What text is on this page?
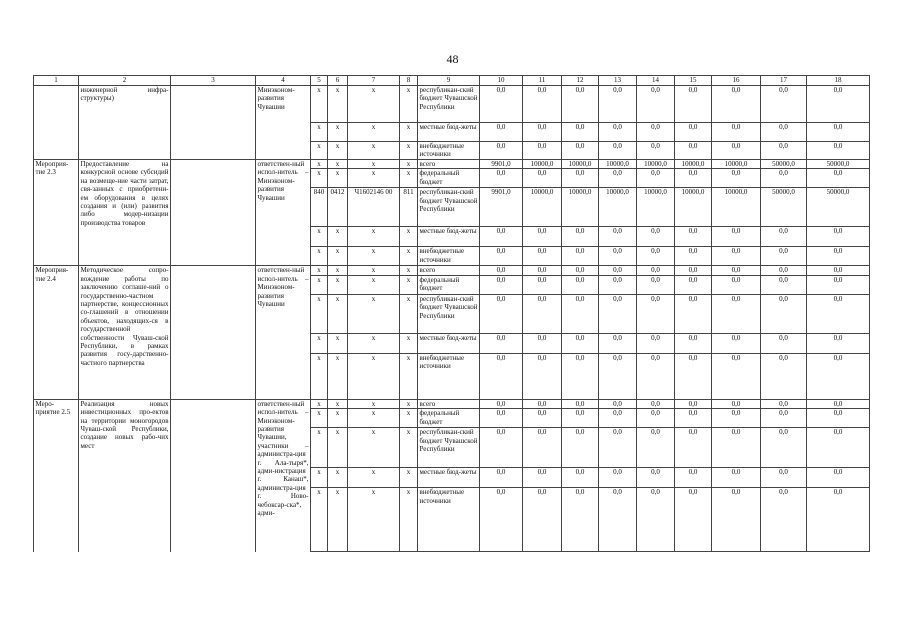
48
1	2	3	4	5	6	7	8	9	10	11	12	13	14	15	16	17	18
	инженерной инфра-структуры)		Минэконом-развития Чувашии	x	x	x	x	республикан-ский бюджет Чувашской Республики	0,0	0,0	0,0	0,0	0,0	0,0	0,0	0,0	0,0
				x	x	x	x	местные бюд-жеты	0,0	0,0	0,0	0,0	0,0	0,0	0,0	0,0	0,0
				x	x	x	x	внебюджетные источники	0,0	0,0	0,0	0,0	0,0	0,0	0,0	0,0	0,0
Мероприя-тие 2.3	Предоставление на конкурсной основе субсидий на возмеще-ние части затрат, свя-занных с приобретени-ем оборудования в целях создания и (или) развития либо модер-низации производства товаров		ответствен-ный испол-нитель – Минэконом-развития Чувашии	x	x	x	x	всего	9901,0	10000,0	10000,0	10000,0	10000,0	10000,0	10000,0	50000,0	50000,0
				x	x	x	x	федеральный бюджет	0,0	0,0	0,0	0,0	0,0	0,0	0,0	0,0	0,0
				840	0412	Ч1602146 00	811	республикан-ский бюджет Чувашской Республики	9901,0	10000,0	10000,0	10000,0	10000,0	10000,0	10000,0	50000,0	50000,0
				x	x	x	x	местные бюд-жеты	0,0	0,0	0,0	0,0	0,0	0,0	0,0	0,0	0,0
				x	x	x	x	внебюджетные источники	0,0	0,0	0,0	0,0	0,0	0,0	0,0	0,0	0,0
Мероприя-тие 2.4	Методическое сопро-вождение работы по заключению соглаше-ний о государственно-частном партнерстве, концессионных со-глашений в отношении объектов, находящих-ся в государственной собственности Чуваш-ской Республики, в рамках развития госу-дарственно-частного партнерства		ответствен-ный испол-нитель – Минэконом-развития Чувашии	x	x	x	x	всего	0,0	0,0	0,0	0,0	0,0	0,0	0,0	0,0	0,0
				x	x	x	x	федеральный бюджет	0,0	0,0	0,0	0,0	0,0	0,0	0,0	0,0	0,0
				x	x	x	x	республикан-ский бюджет Чувашской Республики	0,0	0,0	0,0	0,0	0,0	0,0	0,0	0,0	0,0
				x	x	x	x	местные бюд-жеты	0,0	0,0	0,0	0,0	0,0	0,0	0,0	0,0	0,0
				x	x	x	x	внебюджетные источники	0,0	0,0	0,0	0,0	0,0	0,0	0,0	0,0	0,0
Меро-приятие 2.5	Реализация новых инвестиционных про-ектов на территории моногородов Чуваш-ской Республики, создание новых рабо-чих мест		ответствен-ный испол-нитель – Минэконом-развития Чувашии, участники – администра-ция г. Ала-тыря*, адми-нистрация г. Канаш*, администра-ция г. Ново-чебоксар-ска*, адми-	x	x	x	x	всего	0,0	0,0	0,0	0,0	0,0	0,0	0,0	0,0	0,0
				x	x	x	x	федеральный бюджет	0,0	0,0	0,0	0,0	0,0	0,0	0,0	0,0	0,0
				x	x	x	x	республикан-ский бюджет Чувашской Республики	0,0	0,0	0,0	0,0	0,0	0,0	0,0	0,0	0,0
				x	x	x	x	местные бюд-жеты	0,0	0,0	0,0	0,0	0,0	0,0	0,0	0,0	0,0
				x	x	x	x	внебюджетные источники	0,0	0,0	0,0	0,0	0,0	0,0	0,0	0,0	0,0
